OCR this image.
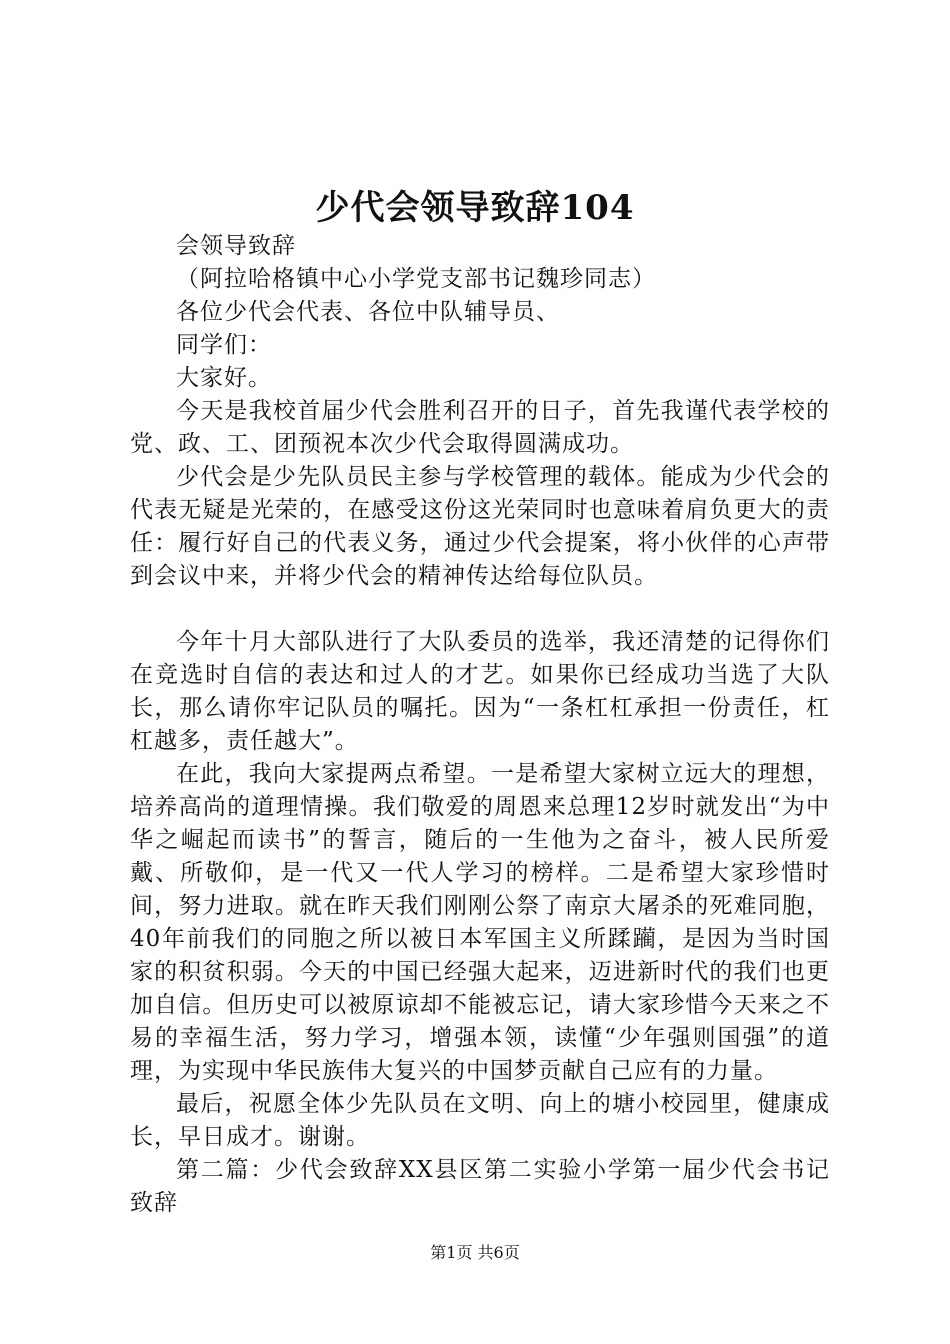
少代会领导致辞104

会领导致辞

（阿拉哈格镇中心小学党支部书记魏珍同志）

各位少代会代表、各位中队辅导员、

同学们：

大家好。

今天是我校首届少代会胜利召开的日子，首先我谨代表学校的党、政、工、团预祝本次少代会取得圆满成功。

少代会是少先队员民主参与学校管理的载体。能成为少代会的代表无疑是光荣的，在感受这份这光荣同时也意味着肩负更大的责任：履行好自己的代表义务，通过少代会提案，将小伙伴的心声带到会议中来，并将少代会的精神传达给每位队员。

今年十月大部队进行了大队委员的选举，我还清楚的记得你们在竞选时自信的表达和过人的才艺。如果你已经成功当选了大队长，那么请你牢记队员的嘱托。因为“一条杠杠承担一份责任，杠杠越多，责任越大”。

在此，我向大家提两点希望。一是希望大家树立远大的理想，培养高尚的道理情操。我们敬爱的周恩来总理12岁时就发出“为中华之崛起而读书”的誓言，随后的一生他为之奋斗，被人民所爱戴、所敬仰，是一代又一代人学习的榜样。二是希望大家珍惜时间，努力进取。就在昨天我们刚刚公祭了南京大屠杀的死难同胞，40年前我们的同胞之所以被日本军国主义所蹂躏，是因为当时国家的积贫积弱。今天的中国已经强大起来，迈进新时代的我们也更加自信。但历史可以被原谅却不能被忘记，请大家珍惜今天来之不易的幸福生活，努力学习，增强本领，读懂“少年强则国强”的道理，为实现中华民族伟大复兴的中国梦贡献自己应有的力量。

最后，祝愿全体少先队员在文明、向上的塘小校园里，健康成长，早日成才。谢谢。

第二篇：少代会致辞XX县区第二实验小学第一届少代会书记致辞

第1页 共6页
